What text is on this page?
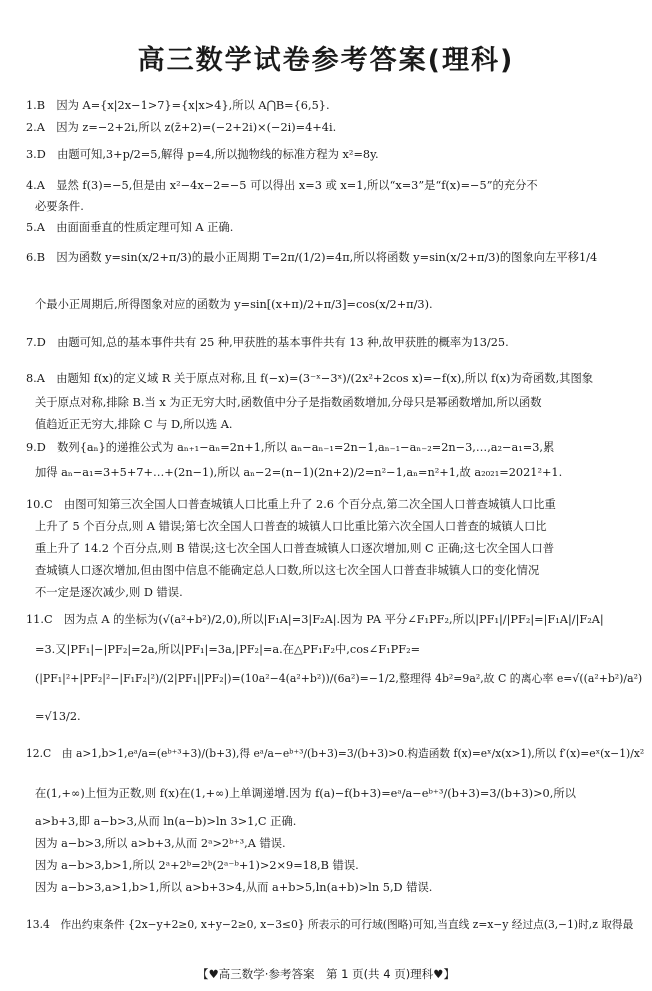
高三数学试卷参考答案(理科)
1.B　因为 A={x|2x−1>7}={x|x>4},所以 A⋂B={6,5}.
2.A　因为 z=−2+2i,所以 z(z̄+2)=(−2+2i)×(−2i)=4+4i.
3.D　由题可知,3+p/2=5,解得 p=4,所以抛物线的标准方程为 x²=8y.
4.A　显然 f(3)=−5,但是由 x²−4x−2=−5 可以得出 x=3 或 x=1,所以“x=3”是“f(x)=−5”的充分不
必要条件.
5.A　由面面垂直的性质定理可知 A 正确.
6.B　因为函数 y=sin(x/2+π/3)的最小正周期 T=2π/(1/2)=4π,所以将函数 y=sin(x/2+π/3)的图象向左平移1/4
个最小正周期后,所得图象对应的函数为 y=sin[(x+π)/2+π/3]=cos(x/2+π/3).
7.D　由题可知,总的基本事件共有 25 种,甲获胜的基本事件共有 13 种,故甲获胜的概率为13/25.
8.A　由题知 f(x)的定义域 R 关于原点对称,且 f(−x)=(3⁻ˣ−3ˣ)/(2x²+2cos x)=−f(x),所以 f(x)为奇函数,其图象
关于原点对称,排除 B.当 x 为正无穷大时,函数值中分子是指数函数增加,分母只是幂函数增加,所以函数
值趋近正无穷大,排除 C 与 D,所以选 A.
9.D　数列{aₙ}的递推公式为 aₙ₊₁−aₙ=2n+1,所以 aₙ−aₙ₋₁=2n−1,aₙ₋₁−aₙ₋₂=2n−3,…,a₂−a₁=3,累
加得 aₙ−a₁=3+5+7+…+(2n−1),所以 aₙ−2=(n−1)(2n+2)/2=n²−1,aₙ=n²+1,故 a₂₀₂₁=2021²+1.
10.C　由图可知第三次全国人口普查城镇人口比重上升了 2.6 个百分点,第二次全国人口普查城镇人口比重
上升了 5 个百分点,则 A 错误;第七次全国人口普查的城镇人口比重比第六次全国人口普查的城镇人口比
重上升了 14.2 个百分点,则 B 错误;这七次全国人口普查城镇人口逐次增加,则 C 正确;这七次全国人口普
查城镇人口逐次增加,但由图中信息不能确定总人口数,所以这七次全国人口普查非城镇人口的变化情况
不一定是逐次减少,则 D 错误.
11.C　因为点 A 的坐标为(√(a²+b²)/2,0),所以|F₁A|=3|F₂A|.因为 PA 平分∠F₁PF₂,所以|PF₁|/|PF₂|=|F₁A|/|F₂A|
=3.又|PF₁|−|PF₂|=2a,所以|PF₁|=3a,|PF₂|=a.在△PF₁F₂中,cos∠F₁PF₂=
(|PF₁|²+|PF₂|²−|F₁F₂|²)/(2|PF₁||PF₂|)=(10a²−4(a²+b²))/(6a²)=−1/2,整理得 4b²=9a²,故 C 的离心率 e=√((a²+b²)/a²)
=√13/2.
12.C　由 a>1,b>1,eᵃ/a=(eᵇ⁺³+3)/(b+3),得 eᵃ/a−eᵇ⁺³/(b+3)=3/(b+3)>0.构造函数 f(x)=eˣ/x(x>1),所以 f′(x)=eˣ(x−1)/x²
在(1,+∞)上恒为正数,则 f(x)在(1,+∞)上单调递增.因为 f(a)−f(b+3)=eᵃ/a−eᵇ⁺³/(b+3)=3/(b+3)>0,所以
a>b+3,即 a−b>3,从而 ln(a−b)>ln 3>1,C 正确.
因为 a−b>3,所以 a>b+3,从而 2ᵃ>2ᵇ⁺³,A 错误.
因为 a−b>3,b>1,所以 2ᵃ+2ᵇ=2ᵇ(2ᵃ⁻ᵇ+1)>2×9=18,B 错误.
因为 a−b>3,a>1,b>1,所以 a>b+3>4,从而 a+b>5,ln(a+b)>ln 5,D 错误.
13.4　作出约束条件 {2x−y+2≥0, x+y−2≥0, x−3≤0} 所表示的可行域(图略)可知,当直线 z=x−y 经过点(3,−1)时,z 取得最
【♥高三数学·参考答案　第 1 页(共 4 页)理科♥】
